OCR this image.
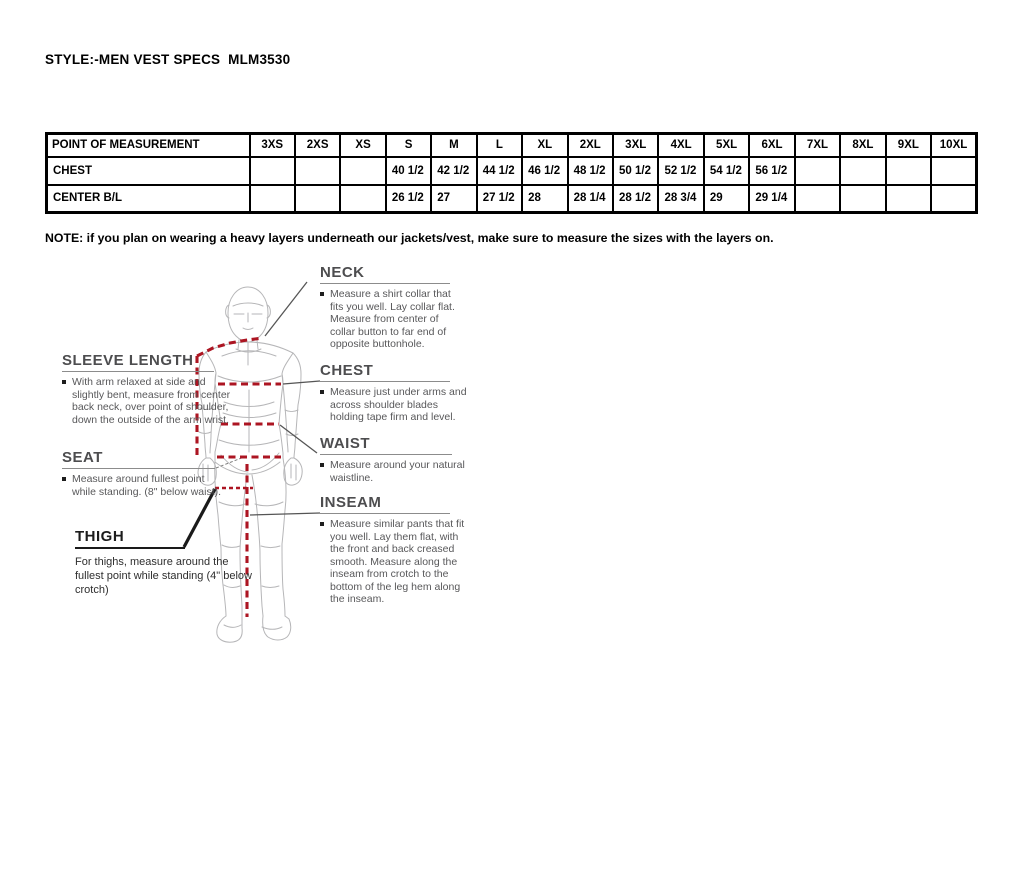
STYLE:-MEN VEST SPECS  MLM3530
POINT OF MEASUREMENT	3XS	2XS	XS	S	M	L	XL	2XL	3XL	4XL	5XL	6XL	7XL	8XL	9XL	10XL
CHEST				40 1/2	42 1/2	44 1/2	46 1/2	48 1/2	50 1/2	52 1/2	54 1/2	56 1/2				
CENTER B/L				26 1/2	27	27 1/2	28	28 1/4	28 1/2	28 3/4	29	29 1/4				
NOTE: if you plan on wearing a heavy layers underneath our jackets/vest, make sure to measure the sizes with the layers on.
NECK
Measure a shirt collar that fits you well. Lay collar flat. Measure from center of collar button to far end of opposite buttonhole.
SLEEVE LENGTH
With arm relaxed at side and slightly bent, measure from center back neck, over point of shoulder, down the outside of the arm wrist.
CHEST
Measure just under arms and across shoulder blades holding tape firm and level.
WAIST
Measure around your natural waistline.
SEAT
Measure around fullest point while standing. (8" below waist).
INSEAM
Measure similar pants that fit you well. Lay them flat, with the front and back creased smooth. Measure along the inseam from crotch to the bottom of the leg hem along the inseam.
THIGH
For thighs, measure around the fullest point while standing (4" below crotch)
